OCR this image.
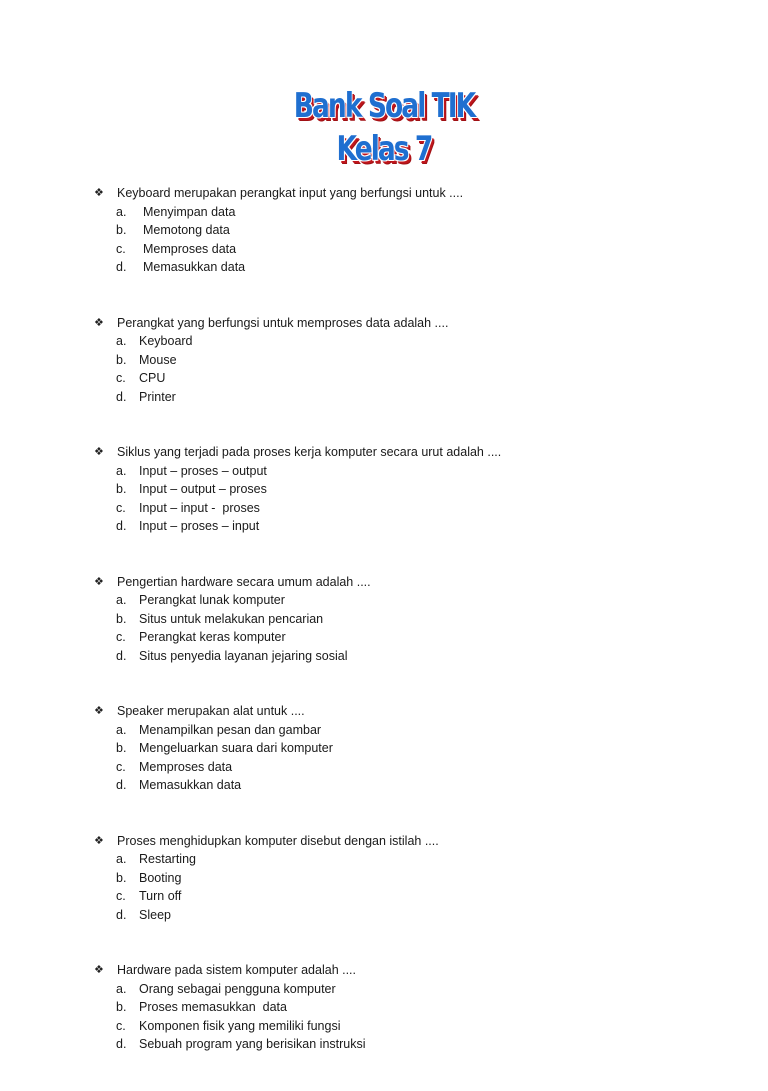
Bank Soal TIK
Kelas 7
❖ Keyboard merupakan perangkat input yang berfungsi untuk ....
a. Menyimpan data
b. Memotong data
c. Memproses data
d. Memasukkan data
❖ Perangkat yang berfungsi untuk memproses data adalah ....
a. Keyboard
b. Mouse
c. CPU
d. Printer
❖ Siklus yang terjadi pada proses kerja komputer secara urut adalah ....
a. Input – proses – output
b. Input – output – proses
c. Input – input -  proses
d. Input – proses – input
❖ Pengertian hardware secara umum adalah ....
a. Perangkat lunak komputer
b. Situs untuk melakukan pencarian
c. Perangkat keras komputer
d. Situs penyedia layanan jejaring sosial
❖ Speaker merupakan alat untuk ....
a. Menampilkan pesan dan gambar
b. Mengeluarkan suara dari komputer
c. Memproses data
d. Memasukkan data
❖ Proses menghidupkan komputer disebut dengan istilah ....
a. Restarting
b. Booting
c. Turn off
d. Sleep
❖ Hardware pada sistem komputer adalah ....
a. Orang sebagai pengguna komputer
b. Proses memasukkan  data
c. Komponen fisik yang memiliki fungsi
d. Sebuah program yang berisikan instruksi
